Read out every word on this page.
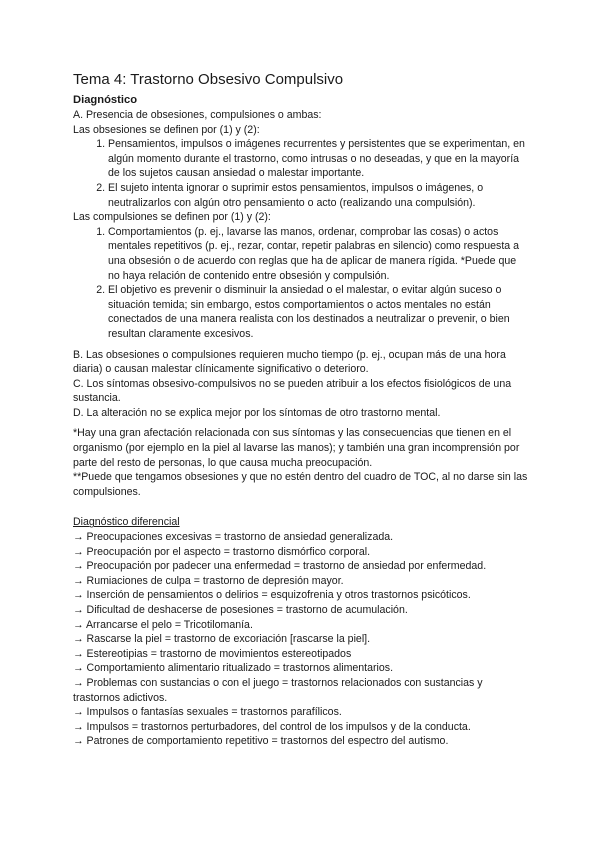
Tema 4: Trastorno Obsesivo Compulsivo
Diagnóstico

A. Presencia de obsesiones, compulsiones o ambas:

Las obsesiones se definen por (1) y (2):

1. Pensamientos, impulsos o imágenes recurrentes y persistentes que se experimentan, en algún momento durante el trastorno, como intrusas o no deseadas, y que en la mayoría de los sujetos causan ansiedad o malestar importante.
2. El sujeto intenta ignorar o suprimir estos pensamientos, impulsos o imágenes, o neutralizarlos con algún otro pensamiento o acto (realizando una compulsión).

Las compulsiones se definen por (1) y (2):

1. Comportamientos (p. ej., lavarse las manos, ordenar, comprobar las cosas) o actos mentales repetitivos (p. ej., rezar, contar, repetir palabras en silencio) como respuesta a una obsesión o de acuerdo con reglas que ha de aplicar de manera rígida. *Puede que no haya relación de contenido entre obsesión y compulsión.
2. El objetivo es prevenir o disminuir la ansiedad o el malestar, o evitar algún suceso o situación temida; sin embargo, estos comportamientos o actos mentales no están conectados de una manera realista con los destinados a neutralizar o prevenir, o bien resultan claramente excesivos.

B. Las obsesiones o compulsiones requieren mucho tiempo (p. ej., ocupan más de una hora diaria) o causan malestar clínicamente significativo o deterioro.

C. Los síntomas obsesivo-compulsivos no se pueden atribuir a los efectos fisiológicos de una sustancia.

D. La alteración no se explica mejor por los síntomas de otro trastorno mental.

*Hay una gran afectación relacionada con sus síntomas y las consecuencias que tienen en el organismo (por ejemplo en la piel al lavarse las manos); y también una gran incomprensión por parte del resto de personas, lo que causa mucha preocupación.

**Puede que tengamos obsesiones y que no estén dentro del cuadro de TOC, al no darse sin las compulsiones.

Diagnóstico diferencial

→ Preocupaciones excesivas = trastorno de ansiedad generalizada.

→ Preocupación por el aspecto = trastorno dismórfico corporal.

→ Preocupación por padecer una enfermedad = trastorno de ansiedad por enfermedad.

→ Rumiaciones de culpa = trastorno de depresión mayor.

→ Inserción de pensamientos o delirios = esquizofrenia y otros trastornos psicóticos.

→ Dificultad de deshacerse de posesiones = trastorno de acumulación.

→ Arrancarse el pelo = Tricotilomanía.

→ Rascarse la piel = trastorno de excoriación [rascarse la piel].

→ Estereotipias = trastorno de movimientos estereotipados

→ Comportamiento alimentario ritualizado = trastornos alimentarios.

→ Problemas con sustancias o con el juego = trastornos relacionados con sustancias y trastornos adictivos.

→ Impulsos o fantasías sexuales = trastornos parafílicos.

→ Impulsos = trastornos perturbadores, del control de los impulsos y de la conducta.

→ Patrones de comportamiento repetitivo = trastornos del espectro del autismo.
